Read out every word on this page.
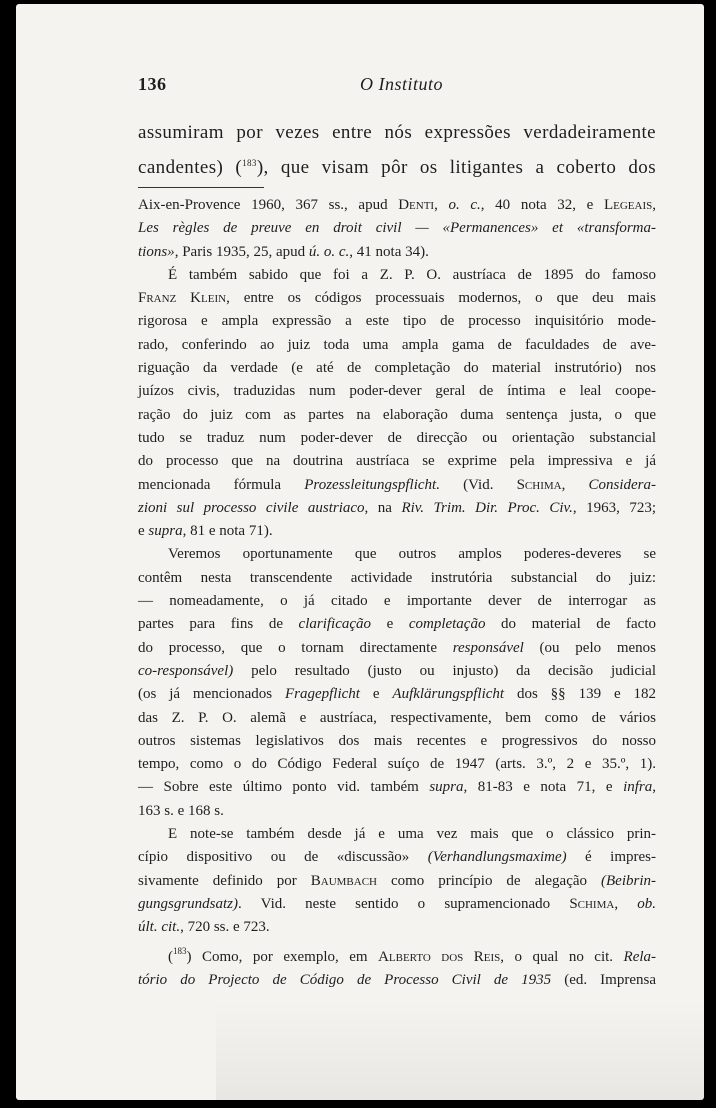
136	O Instituto

assumiram por vezes entre nós expressões verdadeiramente

candentes) ($^{183}$), que visam pôr os litigantes a coberto dos

Aix-en-Provence 1960, 367 ss., apud Denti, o. c., 40 nota 32, e Legeais,
Les règles de preuve en droit civil — «Permanences» et «transforma-
tions», Paris 1935, 25, apud ú. o. c., 41 nota 34).
É também sabido que foi a Z. P. O. austríaca de 1895 do famoso
Franz Klein, entre os códigos processuais modernos, o que deu mais
rigorosa e ampla expressão a este tipo de processo inquisitório mode-
rado, conferindo ao juiz toda uma ampla gama de faculdades de ave-
riguação da verdade (e até de completação do material instrutório) nos
juízos civis, traduzidas num poder-dever geral de íntima e leal coope-
ração do juiz com as partes na elaboração duma sentença justa, o que
tudo se traduz num poder-dever de direcção ou orientação substancial
do processo que na doutrina austríaca se exprime pela impressiva e já
mencionada fórmula Prozessleitungspflicht. (Vid. Schima, Considera-
zioni sul processo civile austriaco, na Riv. Trim. Dir. Proc. Civ., 1963, 723;
e supra, 81 e nota 71).
Veremos oportunamente que outros amplos poderes-deveres se
contêm nesta transcendente actividade instrutória substancial do juiz:
— nomeadamente, o já citado e importante dever de interrogar as
partes para fins de clarificação e completação do material de facto
do processo, que o tornam directamente responsável (ou pelo menos
co-responsável) pelo resultado (justo ou injusto) da decisão judicial
(os já mencionados Fragepflicht e Aufklärungspflicht dos §§ 139 e 182
das Z. P. O. alemã e austríaca, respectivamente, bem como de vários
outros sistemas legislativos dos mais recentes e progressivos do nosso
tempo, como o do Código Federal suíço de 1947 (arts. 3.º, 2 e 35.º, 1).
— Sobre este último ponto vid. também supra, 81-83 e nota 71, e infra,
163 s. e 168 s.
E note-se também desde já e uma vez mais que o clássico prin-
cípio dispositivo ou de «discussão» (Verhandlungsmaxime) é impres-
sivamente definido por Baumbach como princípio de alegação (Beibrin-
gungsgrundsatz). Vid. neste sentido o supramencionado Schima, ob.
últ. cit., 720 ss. e 723.
($^{183}$) Como, por exemplo, em Alberto dos Reis, o qual no cit. Rela-
tório do Projecto de Código de Processo Civil de 1935 (ed. Imprensa
